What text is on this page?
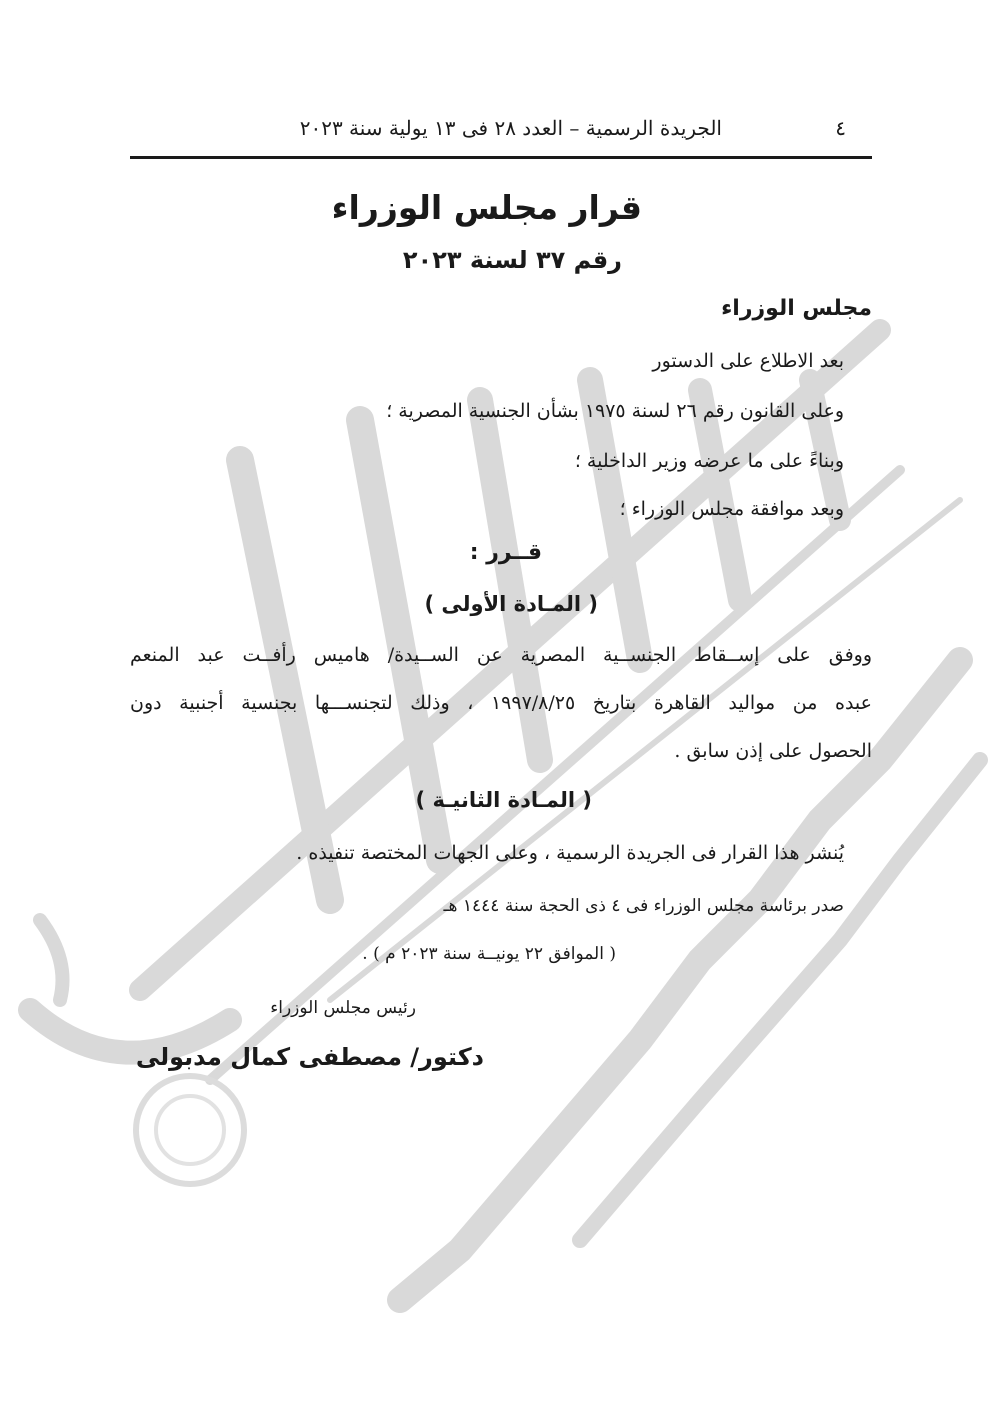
الجريدة الرسمية – العدد ٢٨ فى ١٣ يولية سنة ٢٠٢٣	٤
قرار مجلس الوزراء
رقم ٣٧ لسنة ٢٠٢٣
مجلس الوزراء
بعد الاطلاع على الدستور
وعلى القانون رقم ٢٦ لسنة ١٩٧٥ بشأن الجنسية المصرية ؛
وبناءً على ما عرضه وزير الداخلية ؛
وبعد موافقة مجلس الوزراء ؛
قــرر :
( المـادة الأولى )
ووفق على إســقاط الجنســية المصرية عن الســيدة/ هاميس رأفــت عبد المنعم
عبده من مواليد القاهرة بتاريخ ١٩٩٧/٨/٢٥ ، وذلك لتجنســـها بجنسية أجنبية دون
الحصول على إذن سابق .
( المـادة الثانيـة )
يُنشر هذا القرار فى الجريدة الرسمية ، وعلى الجهات المختصة تنفيذه .
صدر برئاسة مجلس الوزراء فى ٤ ذى الحجة سنة ١٤٤٤ هـ
( الموافق ٢٢ يونيــة سنة ٢٠٢٣ م ) .
رئيس مجلس الوزراء
دكتور/ مصطفى كمال مدبولى
